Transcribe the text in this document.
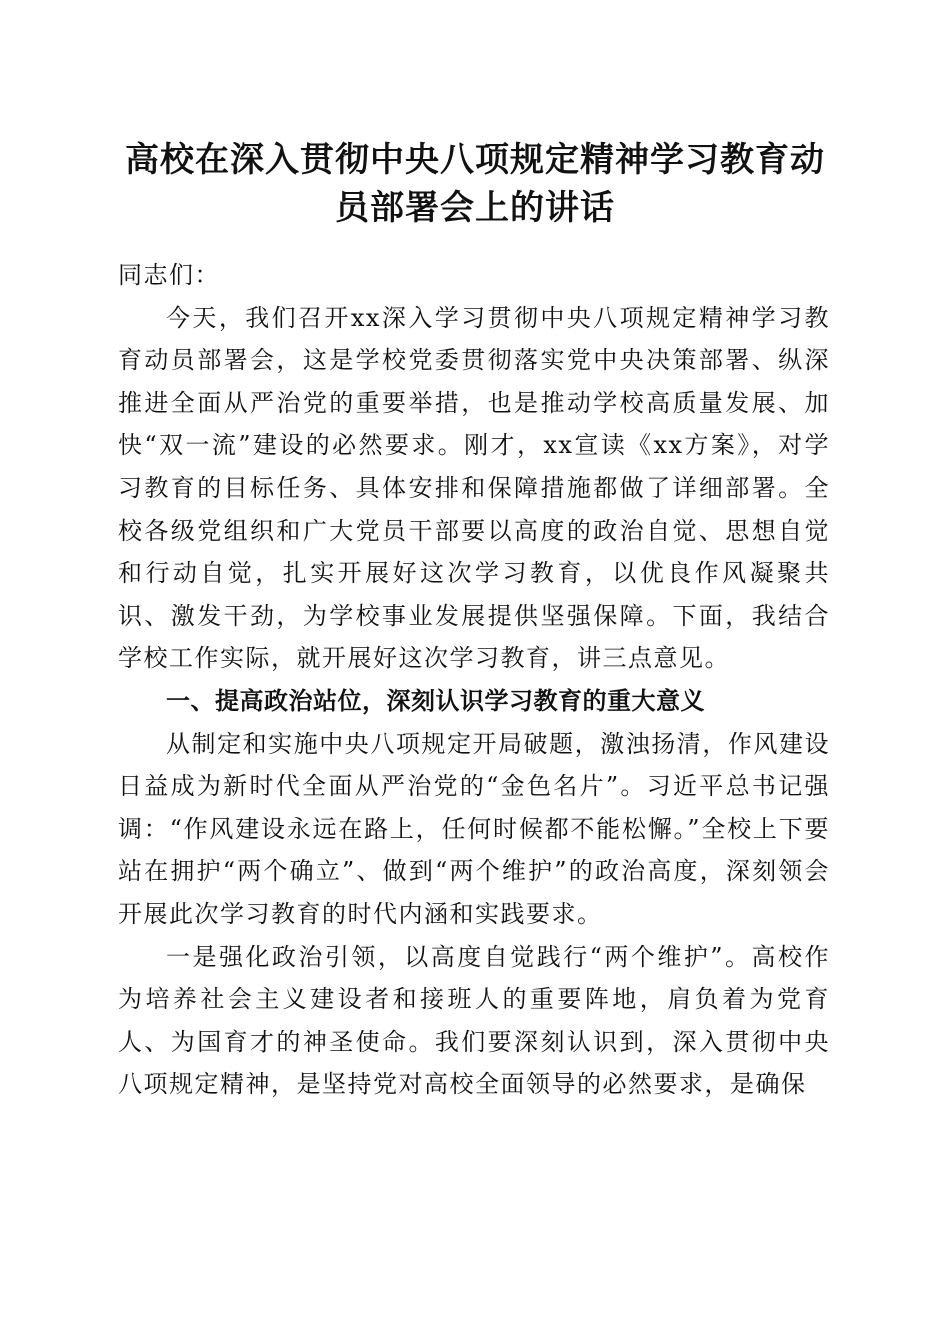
高校在深入贯彻中央八项规定精神学习教育动员部署会上的讲话

同志们：

今天，我们召开xx深入学习贯彻中央八项规定精神学习教育动员部署会，这是学校党委贯彻落实党中央决策部署、纵深推进全面从严治党的重要举措，也是推动学校高质量发展、加快“双一流”建设的必然要求。刚才，xx宣读《xx方案》，对学习教育的目标任务、具体安排和保障措施都做了详细部署。全校各级党组织和广大党员干部要以高度的政治自觉、思想自觉和行动自觉，扎实开展好这次学习教育，以优良作风凝聚共识、激发干劲，为学校事业发展提供坚强保障。下面，我结合学校工作实际，就开展好这次学习教育，讲三点意见。

一、提高政治站位，深刻认识学习教育的重大意义

从制定和实施中央八项规定开局破题，激浊扬清，作风建设日益成为新时代全面从严治党的“金色名片”。习近平总书记强调：“作风建设永远在路上，任何时候都不能松懈。”全校上下要站在拥护“两个确立”、做到“两个维护”的政治高度，深刻领会开展此次学习教育的时代内涵和实践要求。

一是强化政治引领，以高度自觉践行“两个维护”。高校作为培养社会主义建设者和接班人的重要阵地，肩负着为党育人、为国育才的神圣使命。我们要深刻认识到，深入贯彻中央八项规定精神，是坚持党对高校全面领导的必然要求，是确保
